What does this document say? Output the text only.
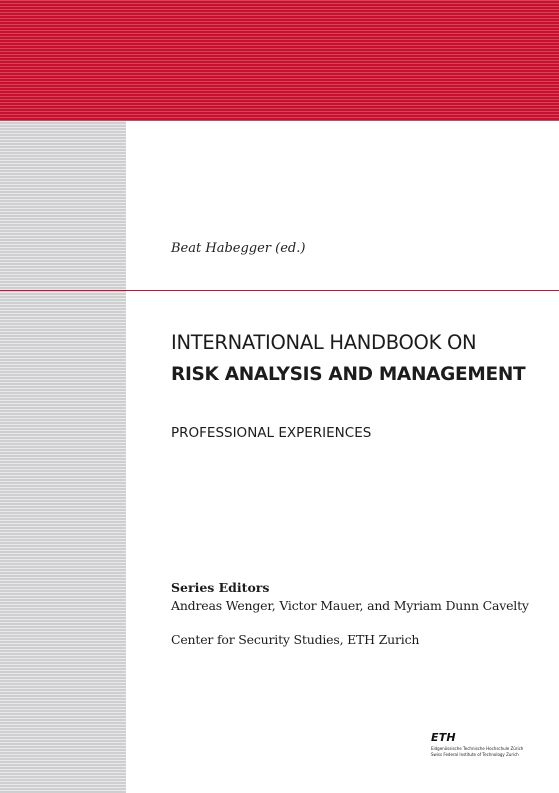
Beat Habegger (ed.)
INTERNATIONAL HANDBOOK ON
RISK ANALYSIS AND MANAGEMENT
PROFESSIONAL EXPERIENCES
Series Editors
Andreas Wenger, Victor Mauer, and Myriam Dunn Cavelty
Center for Security Studies, ETH Zurich
ETH
Eidgenössische Technische Hochschule Zürich
Swiss Federal Institute of Technology Zurich
